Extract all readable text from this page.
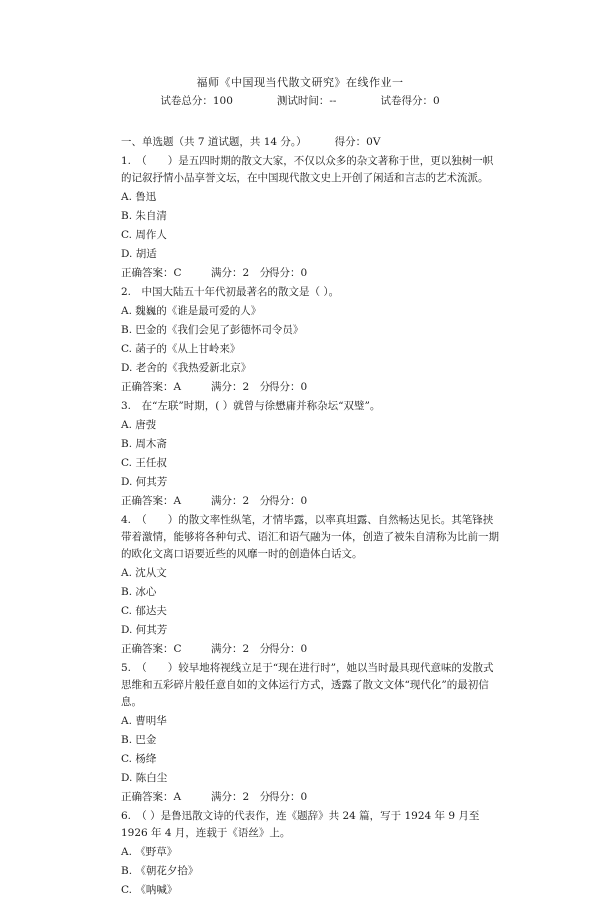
福师《中国现当代散文研究》在线作业一
试卷总分：100	测试时间：--	试卷得分：0
一、单选题（共 7 道试题，共 14 分。）	得分：0V
1.　（　　）是五四时期的散文大家，不仅以众多的杂文著称于世，更以独树一帜的记叙抒情小品享誉文坛，在中国现代散文史上开创了闲适和言志的艺术流派。
A. 鲁迅
B. 朱自清
C. 周作人
D. 胡适
正确答案：C	满分：2　分得分：0
2.　中国大陆五十年代初最著名的散文是（ ）。
A. 魏巍的《谁是最可爱的人》
B. 巴金的《我们会见了彭德怀司令员》
C. 菡子的《从上甘岭来》
D. 老舍的《我热爱新北京》
正确答案：A	满分：2　分得分：0
3.　在“左联”时期，( ）就曾与徐懋庸并称杂坛“双璧”。
A. 唐弢
B. 周木斋
C. 王任叔
D. 何其芳
正确答案：A	满分：2　分得分：0
4.　（　　）的散文率性纵笔，才情毕露，以率真坦露、自然畅达见长。其笔锋挟带着激情，能够将各种句式、语汇和语气融为一体，创造了被朱自清称为比前一期的欧化文离口语要近些的风靡一时的创造体白话文。
A. 沈从文
B. 冰心
C. 郁达夫
D. 何其芳
正确答案：C	满分：2　分得分：0
5.　（　　）较早地将视线立足于“现在进行时”，她以当时最具现代意味的发散式思维和五彩碎片般任意自如的文体运行方式，透露了散文文体“现代化”的最初信息。
A. 曹明华
B. 巴金
C. 杨绛
D. 陈白尘
正确答案：A	满分：2　分得分：0
6.　（ ）是鲁迅散文诗的代表作，连《题辞》共 24 篇，写于 1924 年 9 月至 1926 年 4 月，连载于《语丝》上。
A. 《野草》
B. 《朝花夕拾》
C. 《呐喊》
